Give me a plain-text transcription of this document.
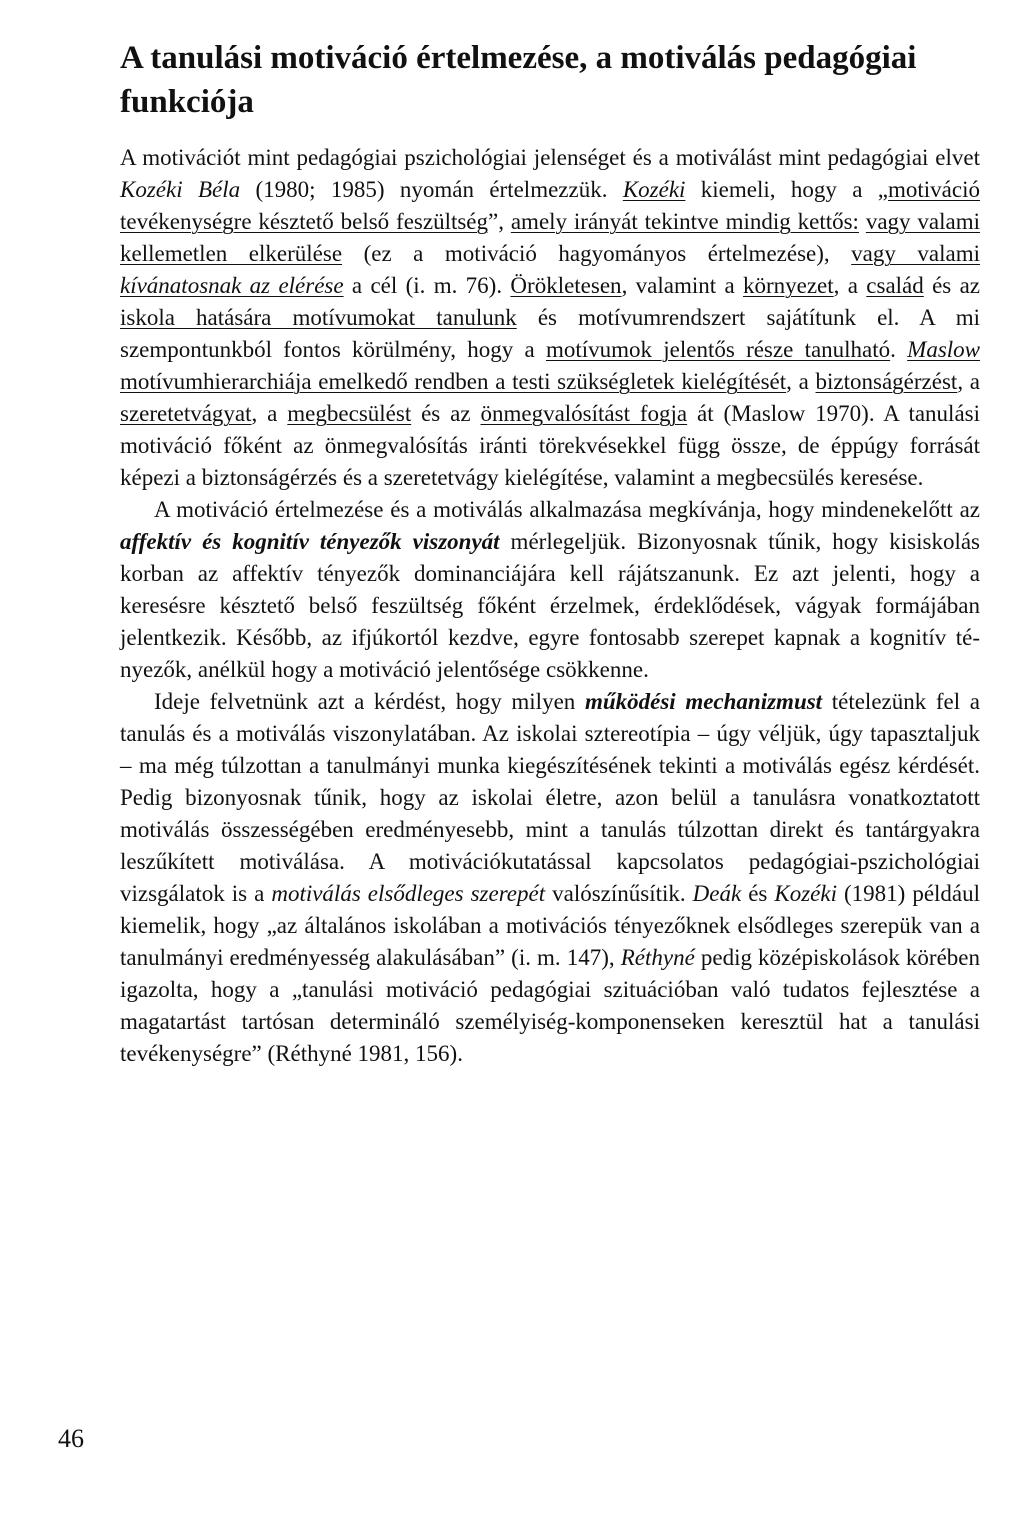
A tanulási motiváció értelmezése, a motiválás pedagógiai funkciója

A motivációt mint pedagógiai pszichológiai jelenséget és a motiválást mint pedagógiai elvet Kozéki Béla (1980; 1985) nyomán értelmezzük. Kozéki kiemeli, hogy a „motiváció tevékenységre késztető belső feszültség”, amely irányát tekintve mindig kettős: vagy valami kellemetlen elkerülése (ez a motiváció hagyományos értelmezése), vagy valami kívánatosnak az elérése a cél (i. m. 76). Örökletesen, valamint a környezet, a család és az iskola hatására motívumokat tanulunk és motívumrendszert sajátítunk el. A mi szempontunkból fontos körülmény, hogy a motívumok jelentős része tanulható. Maslow motívumhierarchiája emelkedő rendben a testi szükségletek kielégítését, a biztonságérzést, a szeretetvágyat, a megbecsülést és az önmegvalósítást fogja át (Maslow 1970). A tanulási motiváció főként az önmegvalósítás iránti törekvésekkel függ össze, de éppúgy forrását képezi a biztonságérzés és a szeretetvágy kielégítése, valamint a megbecsülés keresése.

A motiváció értelmezése és a motiválás alkalmazása megkívánja, hogy mindenekelőtt az affektív és kognitív tényezők viszonyát mérlegeljük. Bizonyosnak tűnik, hogy kisiskolás korban az affektív tényezők dominanciájára kell rájátszanunk. Ez azt jelenti, hogy a keresésre késztető belső feszültség főként érzelmek, érdeklődések, vágyak formájában jelentkezik. Később, az ifjúkortól kezdve, egyre fontosabb szerepet kapnak a kognitív tényezők, anélkül hogy a motiváció jelentősége csökkenne.

Ideje felvetnünk azt a kérdést, hogy milyen működési mechanizmust tételezünk fel a tanulás és a motiválás viszonylatában. Az iskolai sztereotípia – úgy véljük, úgy tapasztaljuk – ma még túlzottan a tanulmányi munka kiegészítésének tekinti a motiválás egész kérdését. Pedig bizonyosnak tűnik, hogy az iskolai életre, azon belül a tanulásra vonatkoztatott motiválás összességében eredményesebb, mint a tanulás túlzottan direkt és tantárgyakra leszűkített motiválása. A motivációkutatással kapcsolatos pedagógiai-pszichológiai vizsgálatok is a motiválás elsődleges szerepét valószínűsítik. Deák és Kozéki (1981) például kiemelik, hogy „az általános iskolában a motivációs tényezőknek elsődleges szerepük van a tanulmányi eredményesség alakulásában” (i. m. 147), Réthyné pedig középiskolások körében igazolta, hogy a „tanulási motiváció pedagógiai szituációban való tudatos fejlesztése a magatartást tartósan determináló személyiség-komponenseken keresztül hat a tanulási tevékenységre” (Réthyné 1981, 156).

46
